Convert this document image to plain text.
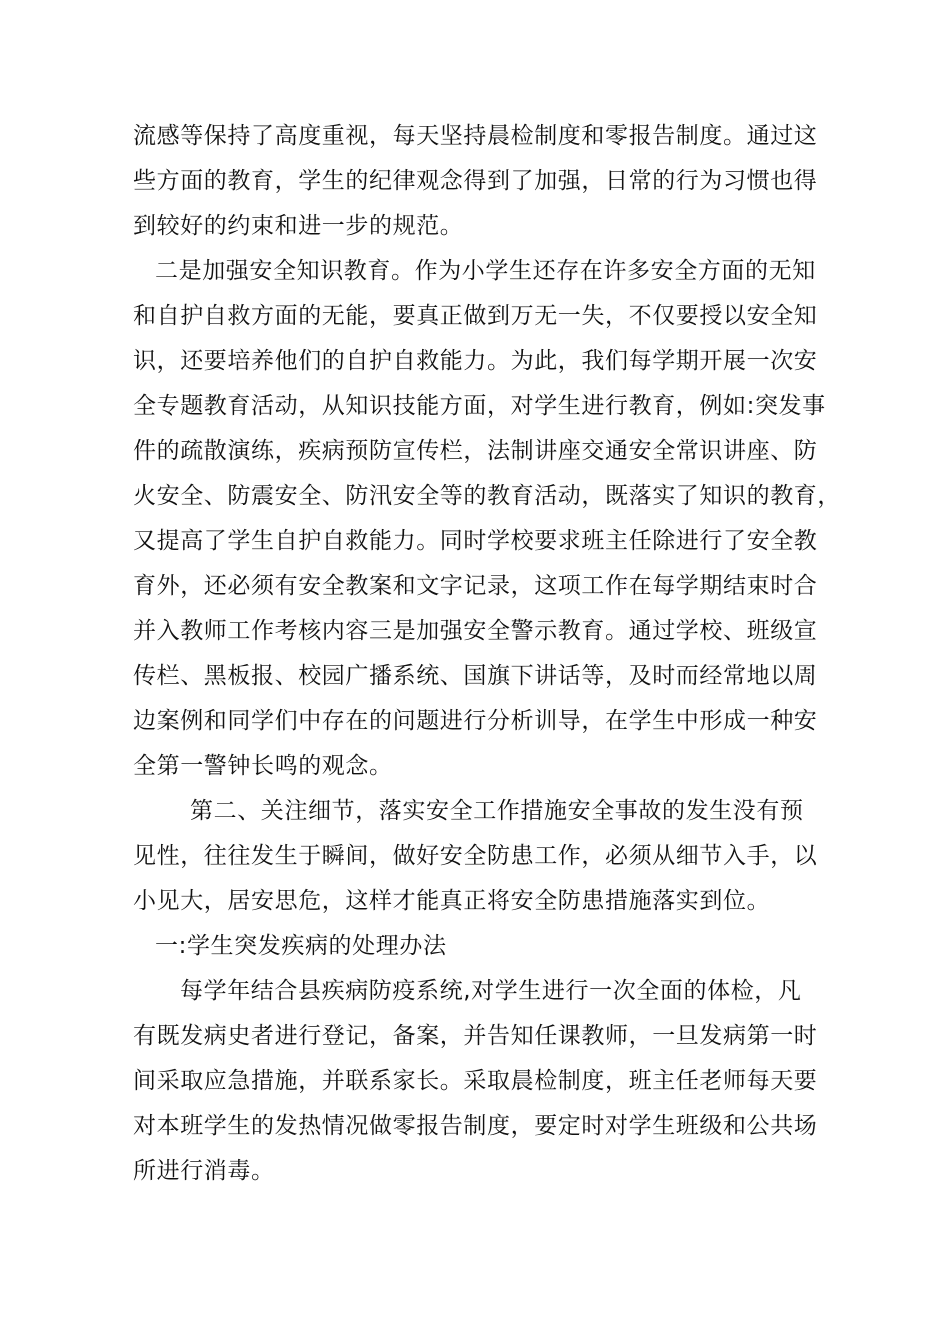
流感等保持了高度重视，每天坚持晨检制度和零报告制度。通过这
些方面的教育，学生的纪律观念得到了加强，日常的行为习惯也得
到较好的约束和进一步的规范。
二是加强安全知识教育。作为小学生还存在许多安全方面的无知
和自护自救方面的无能，要真正做到万无一失，不仅要授以安全知
识，还要培养他们的自护自救能力。为此，我们每学期开展一次安
全专题教育活动，从知识技能方面，对学生进行教育，例如:突发事
件的疏散演练，疾病预防宣传栏，法制讲座交通安全常识讲座、防
火安全、防震安全、防汛安全等的教育活动，既落实了知识的教育，
又提高了学生自护自救能力。同时学校要求班主任除进行了安全教
育外，还必须有安全教案和文字记录，这项工作在每学期结束时合
并入教师工作考核内容三是加强安全警示教育。通过学校、班级宣
传栏、黑板报、校园广播系统、国旗下讲话等，及时而经常地以周
边案例和同学们中存在的问题进行分析训导，在学生中形成一种安
全第一警钟长鸣的观念。
第二、关注细节，落实安全工作措施安全事故的发生没有预
见性，往往发生于瞬间，做好安全防患工作，必须从细节入手，以
小见大，居安思危，这样才能真正将安全防患措施落实到位。
一:学生突发疾病的处理办法
每学年结合县疾病防疫系统,对学生进行一次全面的体检，凡
有既发病史者进行登记，备案，并告知任课教师，一旦发病第一时
间采取应急措施，并联系家长。采取晨检制度，班主任老师每天要
对本班学生的发热情况做零报告制度，要定时对学生班级和公共场
所进行消毒。
